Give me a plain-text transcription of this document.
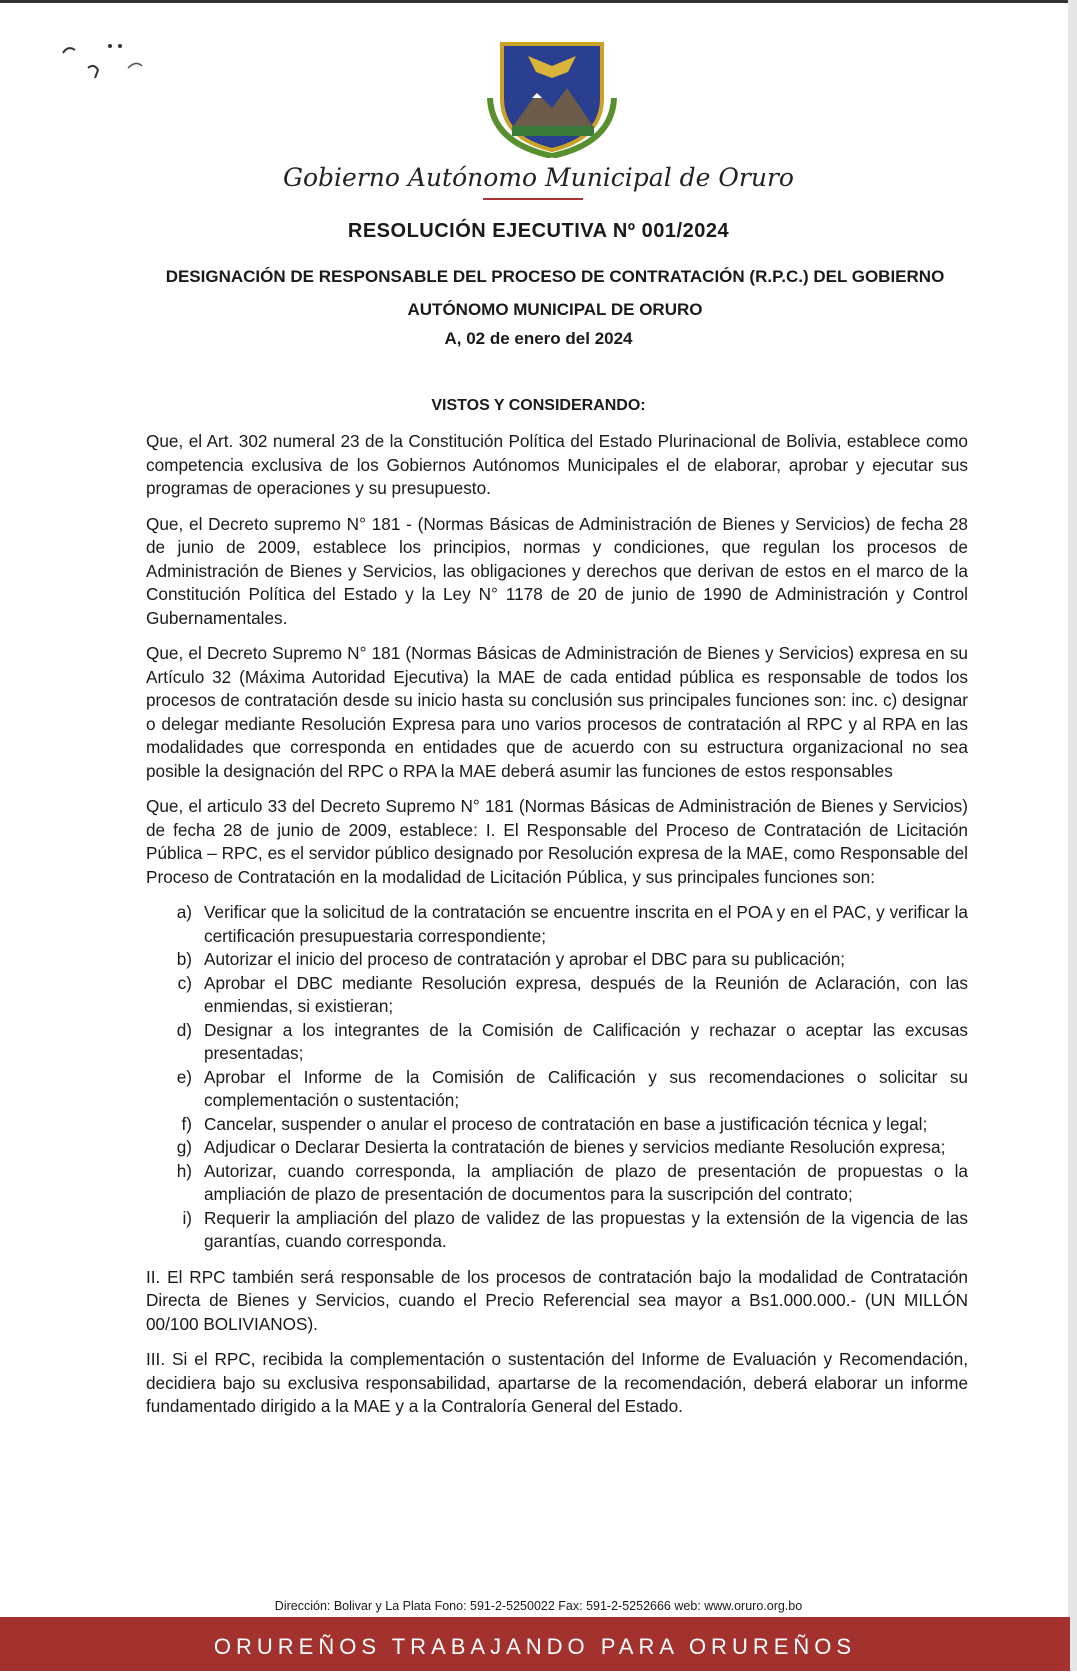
Gobierno Autónomo Municipal de Oruro
RESOLUCIÓN EJECUTIVA Nº 001/2024
DESIGNACIÓN DE RESPONSABLE DEL PROCESO DE CONTRATACIÓN (R.P.C.) DEL GOBIERNO AUTÓNOMO MUNICIPAL DE ORURO
A, 02 de enero del 2024
VISTOS Y CONSIDERANDO:

Que, el Art. 302 numeral 23 de la Constitución Política del Estado Plurinacional de Bolivia, establece como competencia exclusiva de los Gobiernos Autónomos Municipales el de elaborar, aprobar y ejecutar sus programas de operaciones y su presupuesto.

Que, el Decreto supremo N° 181 - (Normas Básicas de Administración de Bienes y Servicios) de fecha 28 de junio de 2009, establece los principios, normas y condiciones, que regulan los procesos de Administración de Bienes y Servicios, las obligaciones y derechos que derivan de estos en el marco de la Constitución Política del Estado y la Ley N° 1178 de 20 de junio de 1990 de Administración y Control Gubernamentales.

Que, el Decreto Supremo N° 181 (Normas Básicas de Administración de Bienes y Servicios) expresa en su Artículo 32 (Máxima Autoridad Ejecutiva) la MAE de cada entidad pública es responsable de todos los procesos de contratación desde su inicio hasta su conclusión sus principales funciones son: inc. c) designar o delegar mediante Resolución Expresa para uno varios procesos de contratación al RPC y al RPA en las modalidades que corresponda en entidades que de acuerdo con su estructura organizacional no sea posible la designación del RPC o RPA la MAE deberá asumir las funciones de estos responsables

Que, el articulo 33 del Decreto Supremo N° 181 (Normas Básicas de Administración de Bienes y Servicios) de fecha 28 de junio de 2009, establece: I. El Responsable del Proceso de Contratación de Licitación Pública – RPC, es el servidor público designado por Resolución expresa de la MAE, como Responsable del Proceso de Contratación en la modalidad de Licitación Pública, y sus principales funciones son:

a) Verificar que la solicitud de la contratación se encuentre inscrita en el POA y en el PAC, y verificar la certificación presupuestaria correspondiente;
b) Autorizar el inicio del proceso de contratación y aprobar el DBC para su publicación;
c) Aprobar el DBC mediante Resolución expresa, después de la Reunión de Aclaración, con las enmiendas, si existieran;
d) Designar a los integrantes de la Comisión de Calificación y rechazar o aceptar las excusas presentadas;
e) Aprobar el Informe de la Comisión de Calificación y sus recomendaciones o solicitar su complementación o sustentación;
f) Cancelar, suspender o anular el proceso de contratación en base a justificación técnica y legal;
g) Adjudicar o Declarar Desierta la contratación de bienes y servicios mediante Resolución expresa;
h) Autorizar, cuando corresponda, la ampliación de plazo de presentación de propuestas o la ampliación de plazo de presentación de documentos para la suscripción del contrato;
i) Requerir la ampliación del plazo de validez de las propuestas y la extensión de la vigencia de las garantías, cuando corresponda.

II. El RPC también será responsable de los procesos de contratación bajo la modalidad de Contratación Directa de Bienes y Servicios, cuando el Precio Referencial sea mayor a Bs1.000.000.- (UN MILLÓN 00/100 BOLIVIANOS).

III. Si el RPC, recibida la complementación o sustentación del Informe de Evaluación y Recomendación, decidiera bajo su exclusiva responsabilidad, apartarse de la recomendación, deberá elaborar un informe fundamentado dirigido a la MAE y a la Contraloría General del Estado.

Dirección: Bolivar y La Plata Fono: 591-2-5250022 Fax: 591-2-5252666 web: www.oruro.org.bo
ORUREÑOS TRABAJANDO PARA ORUREÑOS
